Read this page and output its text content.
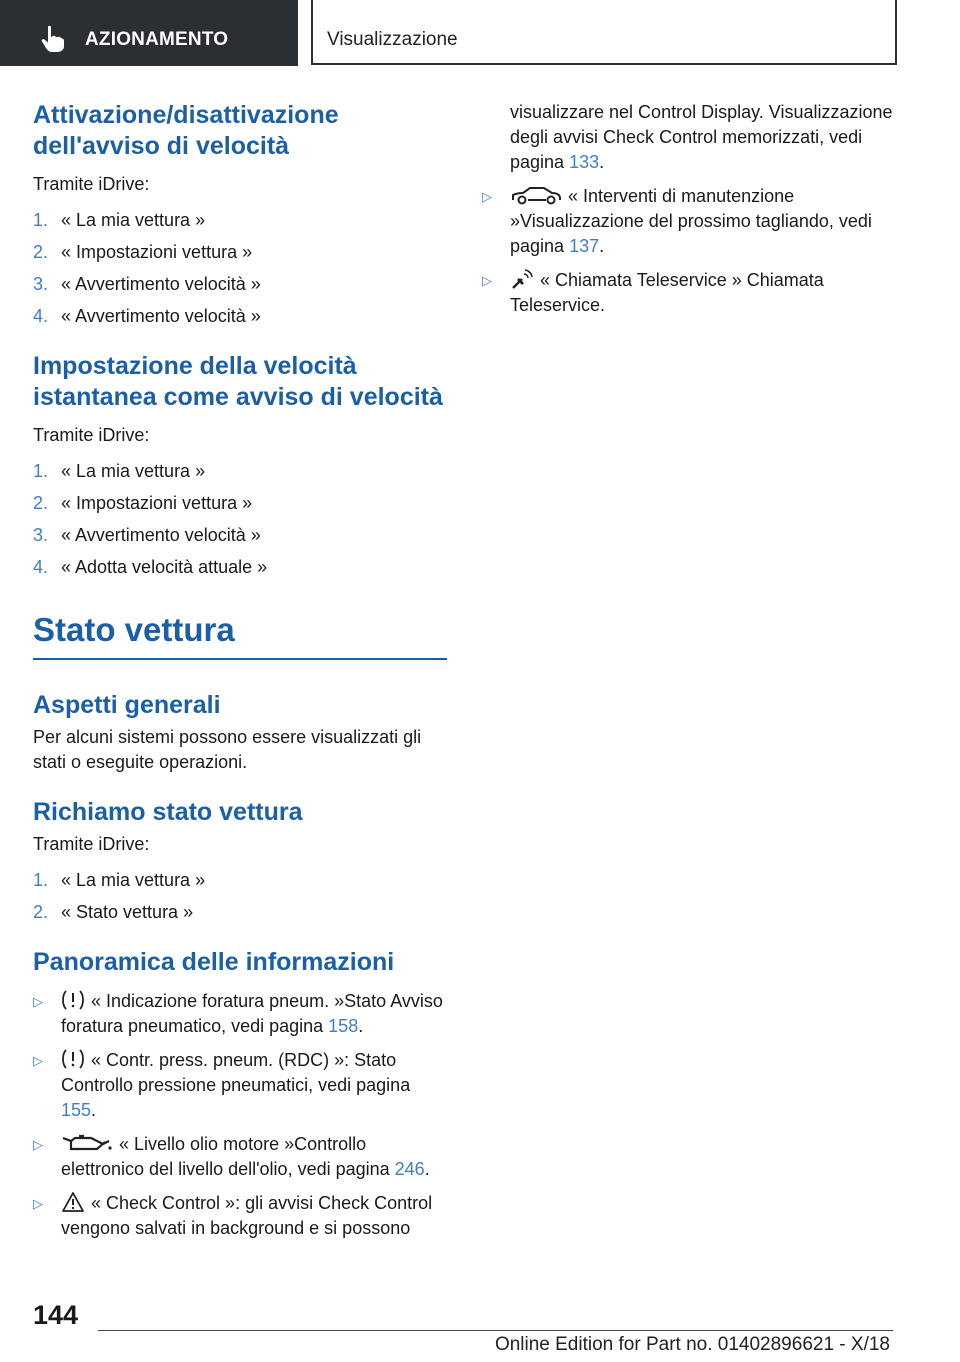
AZIONAMENTO	Visualizzazione
Attivazione/disattivazione dell'avviso di velocità

Tramite iDrive:

1. « La mia vettura »
2. « Impostazioni vettura »
3. « Avvertimento velocità »
4. « Avvertimento velocità »
Impostazione della velocità istantanea come avviso di velocità

Tramite iDrive:

1. « La mia vettura »
2. « Impostazioni vettura »
3. « Avvertimento velocità »
4. « Adotta velocità attuale »
Stato vettura
Aspetti generali

Per alcuni sistemi possono essere visualizzati gli stati o eseguite operazioni.

Richiamo stato vettura

Tramite iDrive:

1. « La mia vettura »
2. « Stato vettura »
Panoramica delle informazioni
▷	« Indicazione foratura pneum. »Stato Avviso foratura pneumatico, vedi pagina 158.
▷	« Contr. press. pneum. (RDC) »: Stato Controllo pressione pneumatici, vedi pagina 155.
▷	« Livello olio motore »Controllo elettronico del livello dell'olio, vedi pagina 246.
▷	« Check Control »: gli avvisi Check Control vengono salvati in background e si possono

visualizzare nel Control Display. Visualizzazione degli avvisi Check Control memorizzati, vedi pagina 133.

▷	« Interventi di manutenzione »Visualizzazione del prossimo tagliando, vedi pagina 137.
▷	« Chiamata Teleservice » Chiamata Teleservice.
144
Online Edition for Part no. 01402896621 - X/18
